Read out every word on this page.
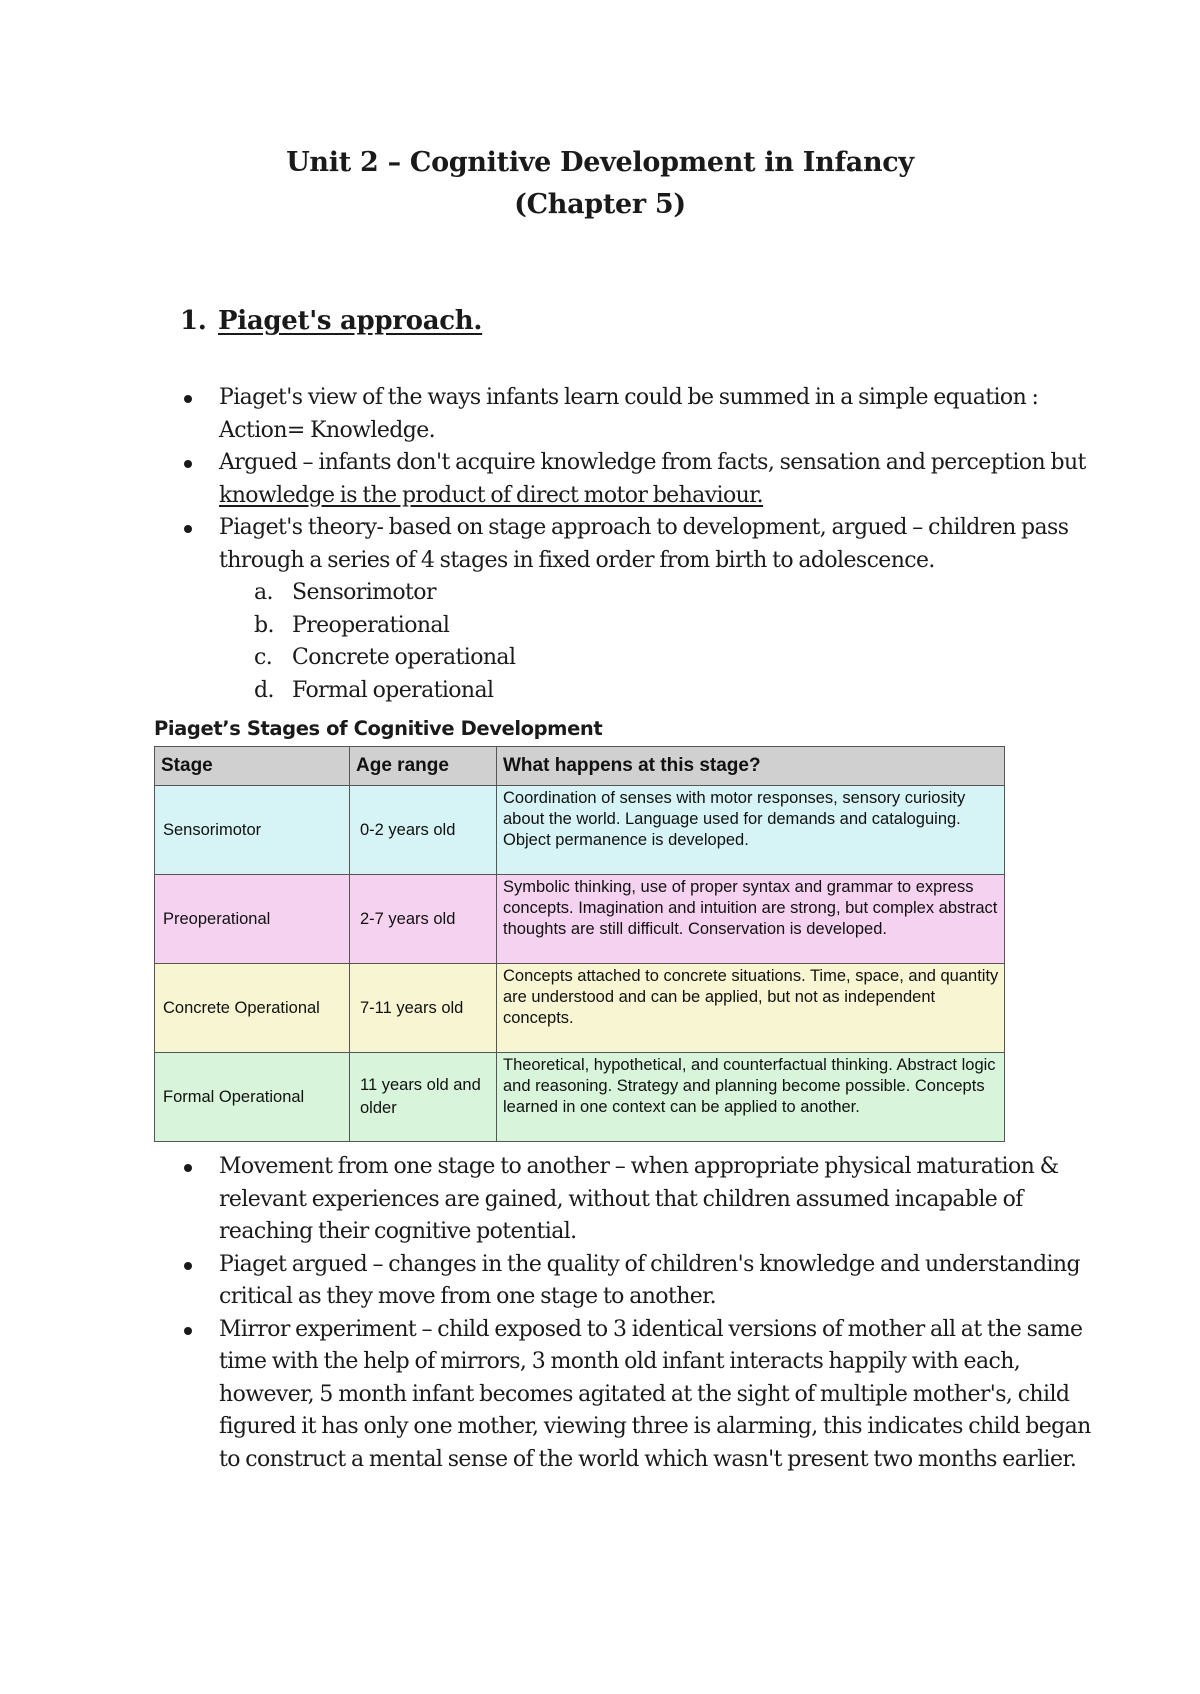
Unit 2 – Cognitive Development in Infancy
(Chapter 5)
1. Piaget's approach.
Piaget's view of the ways infants learn could be summed in a simple equation : Action= Knowledge.
Argued – infants don't acquire knowledge from facts, sensation and perception but knowledge is the product of direct motor behaviour.
Piaget's theory- based on stage approach to development, argued – children pass through a series of 4 stages in fixed order from birth to adolescence.
a. Sensorimotor
b. Preoperational
c. Concrete operational
d. Formal operational
Piaget’s Stages of Cognitive Development
Stage	Age range	What happens at this stage?
Sensorimotor	0-2 years old	Coordination of senses with motor responses, sensory curiosity about the world. Language used for demands and cataloguing. Object permanence is developed.
Preoperational	2-7 years old	Symbolic thinking, use of proper syntax and grammar to express concepts. Imagination and intuition are strong, but complex abstract thoughts are still difficult. Conservation is developed.
Concrete Operational	7-11 years old	Concepts attached to concrete situations. Time, space, and quantity are understood and can be applied, but not as independent concepts.
Formal Operational	11 years old and older	Theoretical, hypothetical, and counterfactual thinking. Abstract logic and reasoning. Strategy and planning become possible. Concepts learned in one context can be applied to another.
Movement from one stage to another – when appropriate physical maturation & relevant experiences are gained, without that children assumed incapable of reaching their cognitive potential.
Piaget argued – changes in the quality of children's knowledge and understanding critical as they move from one stage to another.
Mirror experiment – child exposed to 3 identical versions of mother all at the same time with the help of mirrors, 3 month old infant interacts happily with each, however, 5 month infant becomes agitated at the sight of multiple mother's, child figured it has only one mother, viewing three is alarming, this indicates child began to construct a mental sense of the world which wasn't present two months earlier.
